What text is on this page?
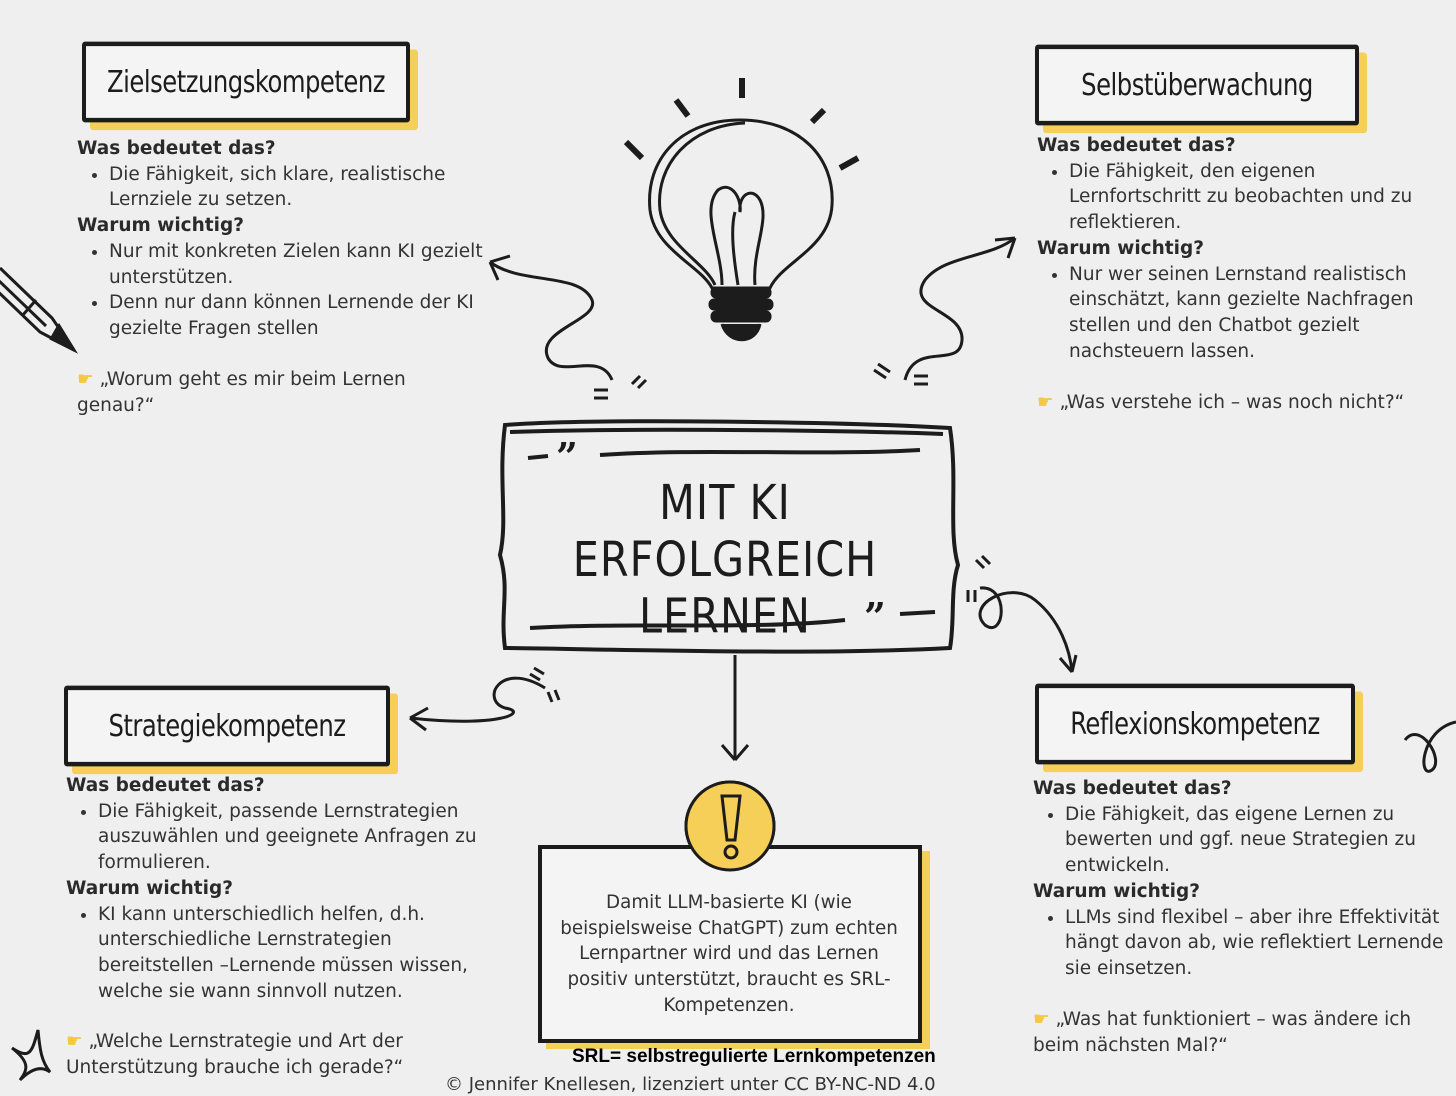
”
”
Zielsetzungskompetenz	Selbstüberwachung
Strategiekompetenz	Reflexionskompetenz
Was bedeutet das?
• Die Fähigkeit, sich klare, realistische Lernziele zu setzen.
Warum wichtig?
• Nur mit konkreten Zielen kann KI gezielt unterstützen.
• Denn nur dann können Lernende der KI gezielte Fragen stellen
☛ „Worum geht es mir beim Lernen genau?“
Was bedeutet das?
• Die Fähigkeit, den eigenen Lernfortschritt zu beobachten und zu reflektieren.
Warum wichtig?
• Nur wer seinen Lernstand realistisch einschätzt, kann gezielte Nachfragen stellen und den Chatbot gezielt nachsteuern lassen.
☛ „Was verstehe ich – was noch nicht?“
Was bedeutet das?
• Die Fähigkeit, passende Lernstrategien auszuwählen und geeignete Anfragen zu formulieren.
Warum wichtig?
• KI kann unterschiedlich helfen, d.h. unterschiedliche Lernstrategien bereitstellen –Lernende müssen wissen, welche sie wann sinnvoll nutzen.
☛ „Welche Lernstrategie und Art der Unterstützung brauche ich gerade?“
Was bedeutet das?
• Die Fähigkeit, das eigene Lernen zu bewerten und ggf. neue Strategien zu entwickeln.
Warum wichtig?
• LLMs sind flexibel – aber ihre Effektivität hängt davon ab, wie reflektiert Lernende sie einsetzen.
☛ „Was hat funktioniert – was ändere ich beim nächsten Mal?“
MIT KI ERFOLGREICH
LERNEN
Damit LLM-basierte KI (wie beispielsweise ChatGPT) zum echten Lernpartner wird und das Lernen positiv unterstützt, braucht es SRL-Kompetenzen.
SRL= selbstregulierte Lernkompetenzen
© Jennifer Knellesen, lizenziert unter CC BY-NC-ND 4.0
